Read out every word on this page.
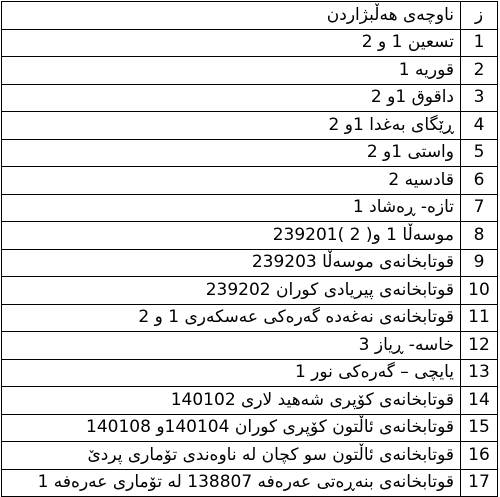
ناوچەی هەڵبژاردن	ز
تسعین 1 و 2	1
قوریە 1	2
داقوق 1و 2	3
ڕێگای بەغدا 1و 2	4
واستی 1و 2	5
قادسیە 2	6
تازە- ڕەشاد 1	7
موسەڵا 1 و( 2 )239201	8
قوتابخانەی موسەڵا 239203	9
قوتابخانەی پیریادی کوران 239202	10
قوتابخانەی نەغەدە گەرەکی عەسکەری 1 و 2	11
خاسە- ڕیاز 3	12
یایچی – گەرەکی نور 1	13
قوتابخانەی کۆپری شەهید لاری 140102	14
قوتابخانەی ئاڵتون کۆپری کوران 140104و 140108	15
قوتابخانەی ئاڵتون سو کچان لە ناوەندی تۆماری پردێ	16
قوتابخانەی بنەڕەتی عەرەفە 138807 لە تۆماری عەرەفە 1	17
